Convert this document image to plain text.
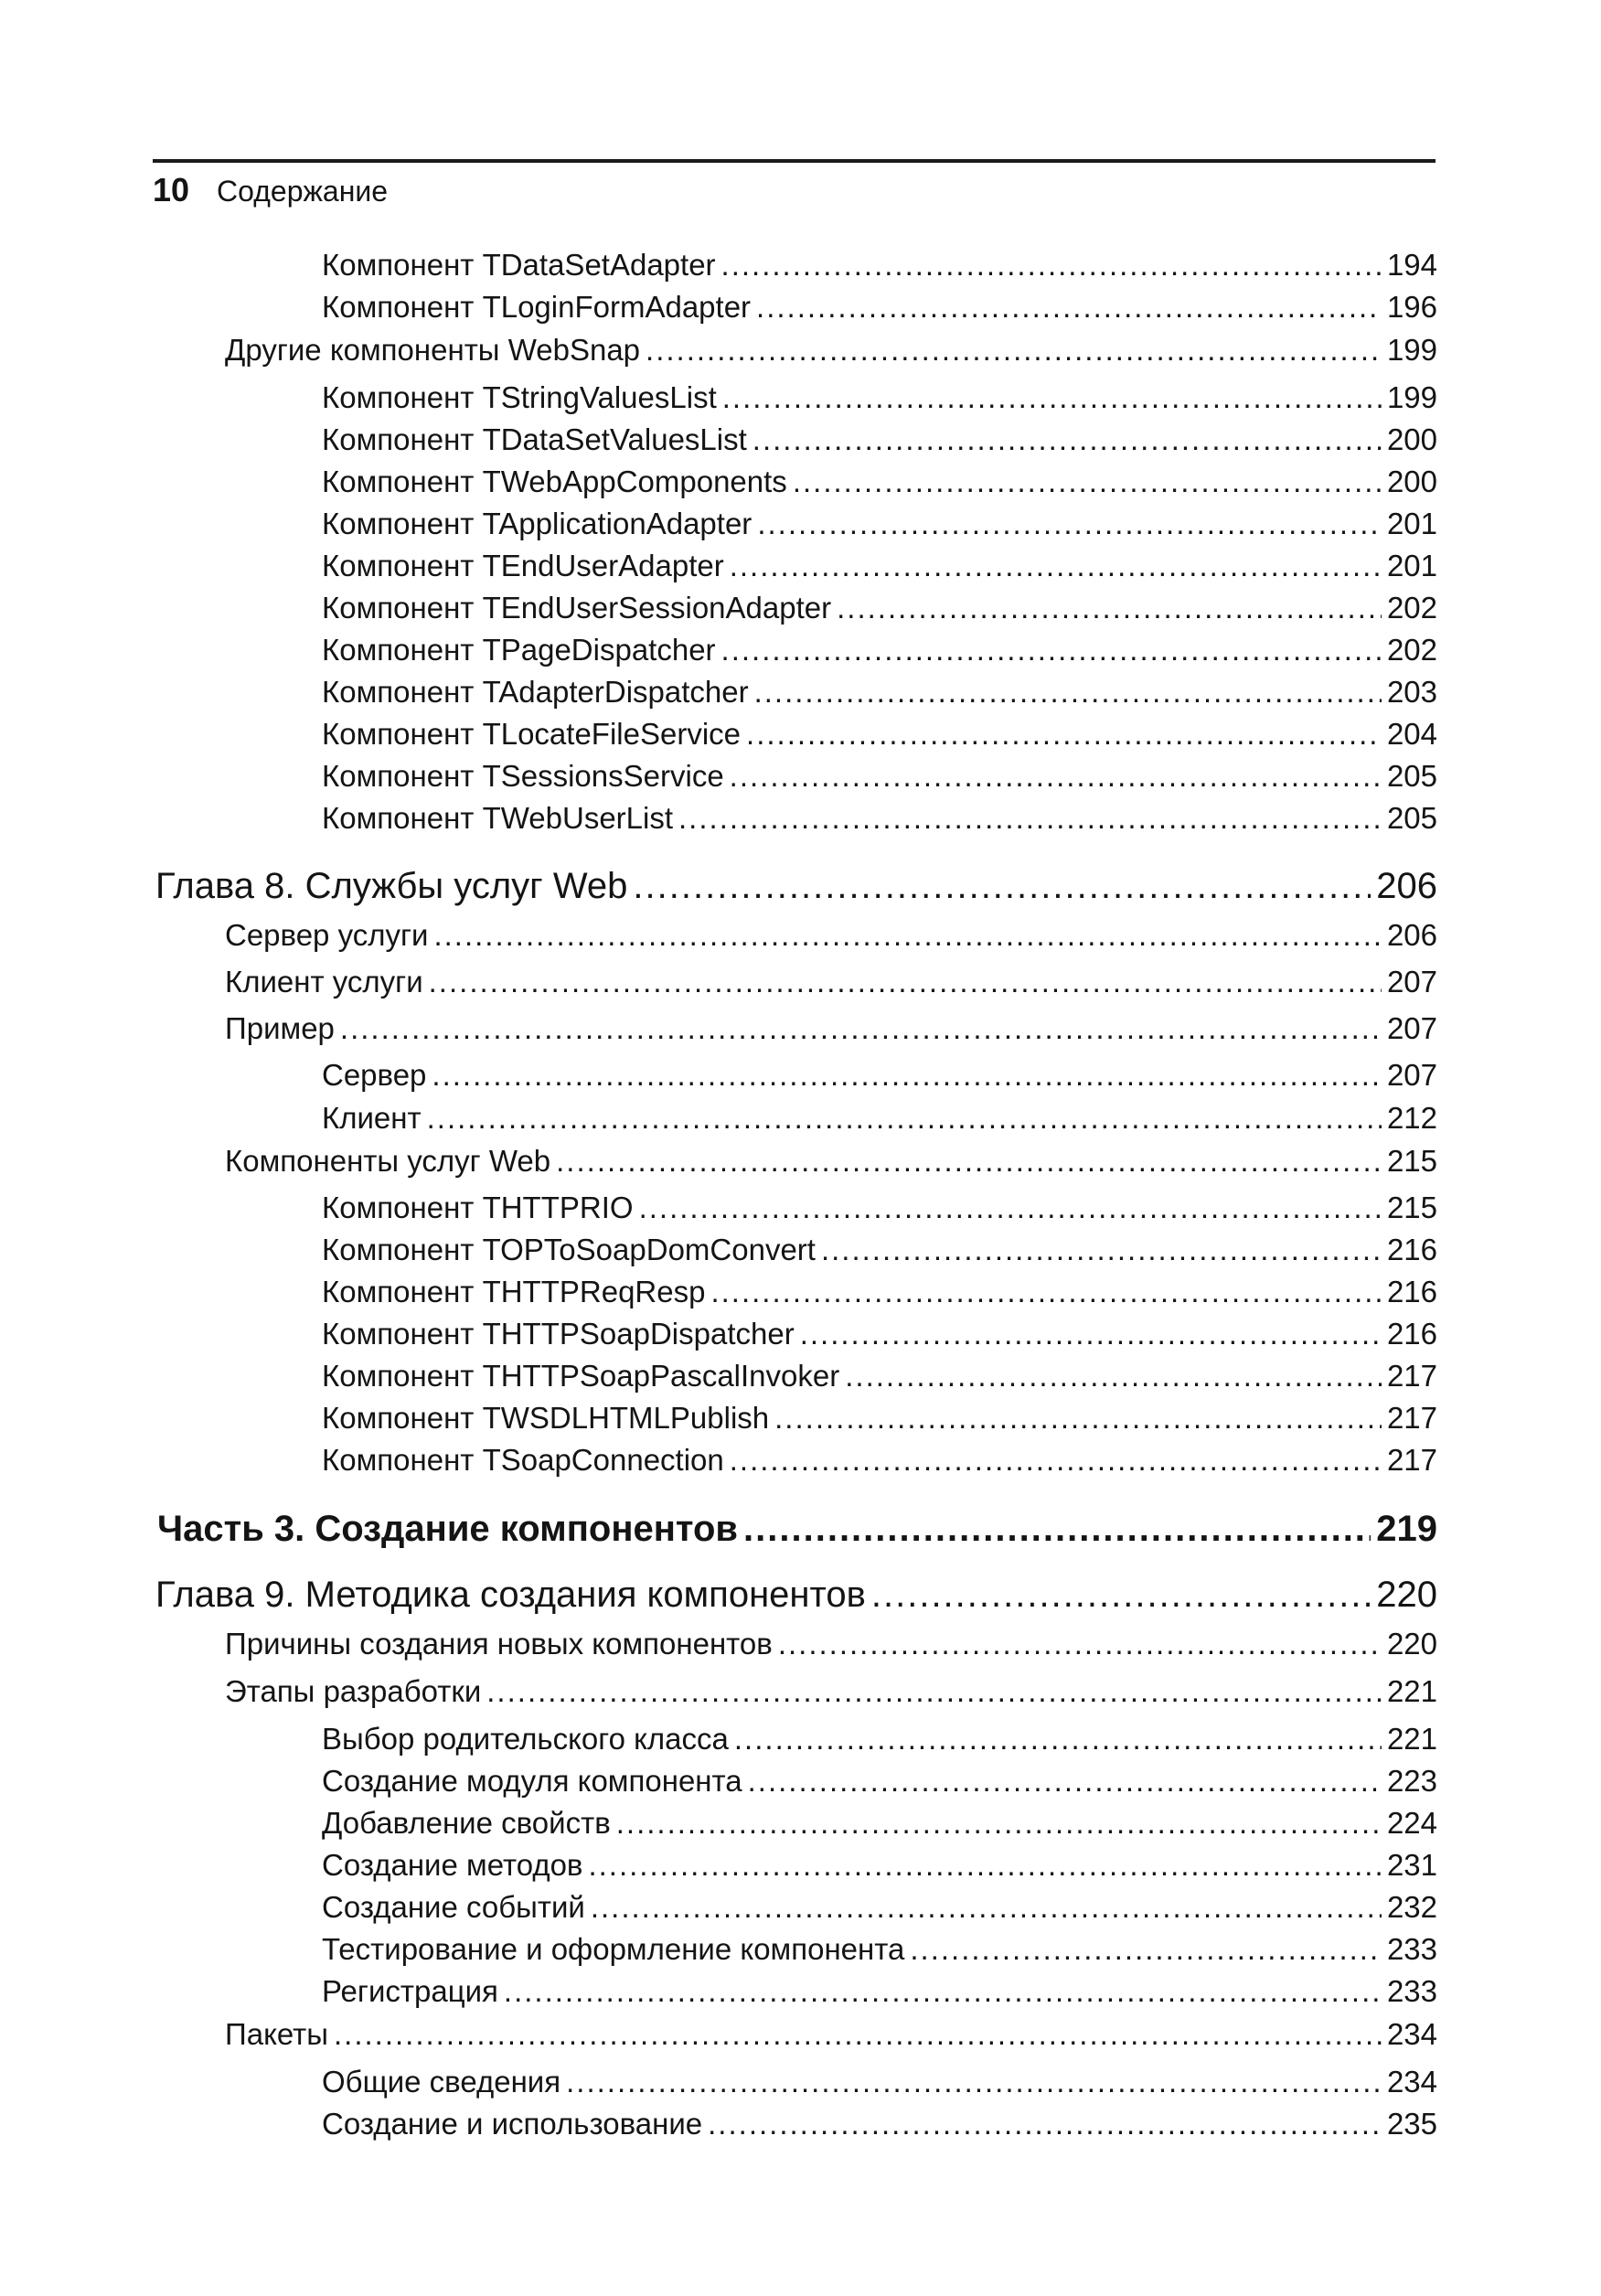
10 Содержание
Компонент TDataSetAdapter .....	194
Компонент TLoginFormAdapter .....	196
Другие компоненты WebSnap .....	199
Компонент TStringValuesList .....	199
Компонент TDataSetValuesList .....	200
Компонент TWebAppComponents .....	200
Компонент TApplicationAdapter .....	201
Компонент TEndUserAdapter .....	201
Компонент TEndUserSessionAdapter .....	202
Компонент TPageDispatcher .....	202
Компонент TAdapterDispatcher .....	203
Компонент TLocateFileService .....	204
Компонент TSessionsService .....	205
Компонент TWebUserList .....	205
Глава 8. Службы услуг Web .....	206
Сервер услуги .....	206
Клиент услуги .....	207
Пример .....	207
Сервер .....	207
Клиент .....	212
Компоненты услуг Web .....	215
Компонент THTTPRIO .....	215
Компонент TOPToSoapDomConvert .....	216
Компонент THTTPReqResp .....	216
Компонент THTTPSoapDispatcher .....	216
Компонент THTTPSoapPascalInvoker .....	217
Компонент TWSDLHTMLPublish .....	217
Компонент TSoapConnection .....	217
Часть 3. Создание компонентов .....	219
Глава 9. Методика создания компонентов .....	220
Причины создания новых компонентов .....	220
Этапы разработки .....	221
Выбор родительского класса .....	221
Создание модуля компонента .....	223
Добавление свойств .....	224
Создание методов .....	231
Создание событий .....	232
Тестирование и оформление компонента .....	233
Регистрация .....	233
Пакеты .....	234
Общие сведения .....	234
Создание и использование .....	235
